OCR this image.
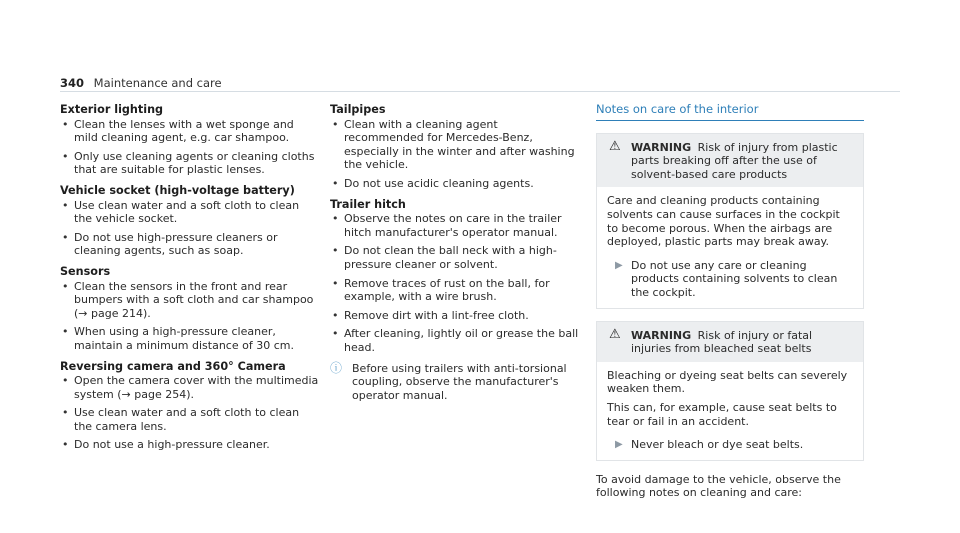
340 Maintenance and care
Exterior lighting
• Clean the lenses with a wet sponge and mild cleaning agent, e.g. car shampoo.
• Only use cleaning agents or cleaning cloths that are suitable for plastic lenses.
Vehicle socket (high-voltage battery)
• Use clean water and a soft cloth to clean the vehicle socket.
• Do not use high-pressure cleaners or cleaning agents, such as soap.
Sensors
• Clean the sensors in the front and rear bumpers with a soft cloth and car shampoo (→ page 214).
• When using a high-pressure cleaner, maintain a minimum distance of 30 cm.
Reversing camera and 360° Camera
• Open the camera cover with the multimedia system (→ page 254).
• Use clean water and a soft cloth to clean the camera lens.
• Do not use a high-pressure cleaner.
Tailpipes
• Clean with a cleaning agent recommended for Mercedes-Benz, especially in the winter and after washing the vehicle.
• Do not use acidic cleaning agents.
Trailer hitch
• Observe the notes on care in the trailer hitch manufacturer's operator manual.
• Do not clean the ball neck with a high-pressure cleaner or solvent.
• Remove traces of rust on the ball, for example, with a wire brush.
• Remove dirt with a lint-free cloth.
• After cleaning, lightly oil or grease the ball head.
ⓘ Before using trailers with anti-torsional coupling, observe the manufacturer's operator manual.
Notes on care of the interior
⚠ WARNING Risk of injury from plastic parts breaking off after the use of solvent-based care products

Care and cleaning products containing solvents can cause surfaces in the cockpit to become porous. When the airbags are deployed, plastic parts may break away.

▶ Do not use any care or cleaning products containing solvents to clean the cockpit.
⚠ WARNING Risk of injury or fatal injuries from bleached seat belts

Bleaching or dyeing seat belts can severely weaken them.

This can, for example, cause seat belts to tear or fail in an accident.

▶ Never bleach or dye seat belts.
To avoid damage to the vehicle, observe the following notes on cleaning and care:
